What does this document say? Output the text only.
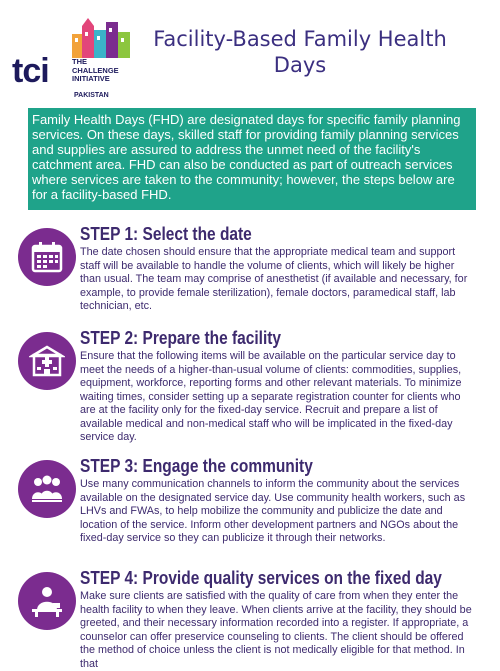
tci	THE
CHALLENGE
INITIATIVE
PAKISTAN
Facility-Based Family Health Days
Family Health Days (FHD) are designated days for specific family planning services. On these days, skilled staff for providing family planning services and supplies are assured to address the unmet need of the facility's catchment area. FHD can also be conducted as part of outreach services where services are taken to the community; however, the steps below are for a facility-based FHD.
STEP 1: Select the date

The date chosen should ensure that the appropriate medical team and support staff will be available to handle the volume of clients, which will likely be higher than usual. The team may comprise of anesthetist (if available and necessary, for example, to provide female sterilization), female doctors, paramedical staff, lab technician, etc.

STEP 2: Prepare the facility

Ensure that the following items will be available on the particular service day to meet the needs of a higher-than-usual volume of clients: commodities, supplies, equipment, workforce, reporting forms and other relevant materials. To minimize waiting times, consider setting up a separate registration counter for clients who are at the facility only for the fixed-day service. Recruit and prepare a list of available medical and non-medical staff who will be implicated in the fixed-day service day.

STEP 3: Engage the community

Use many communication channels to inform the community about the services available on the designated service day. Use community health workers, such as LHVs and FWAs, to help mobilize the community and publicize the date and location of the service. Inform other development partners and NGOs about the fixed-day service so they can publicize it through their networks.

STEP 4: Provide quality services on the fixed day

Make sure clients are satisfied with the quality of care from when they enter the health facility to when they leave. When clients arrive at the facility, they should be greeted, and their necessary information recorded into a register. If appropriate, a counselor can offer preservice counseling to clients. The client should be offered the method of choice unless the client is not medically eligible for that method. In that
